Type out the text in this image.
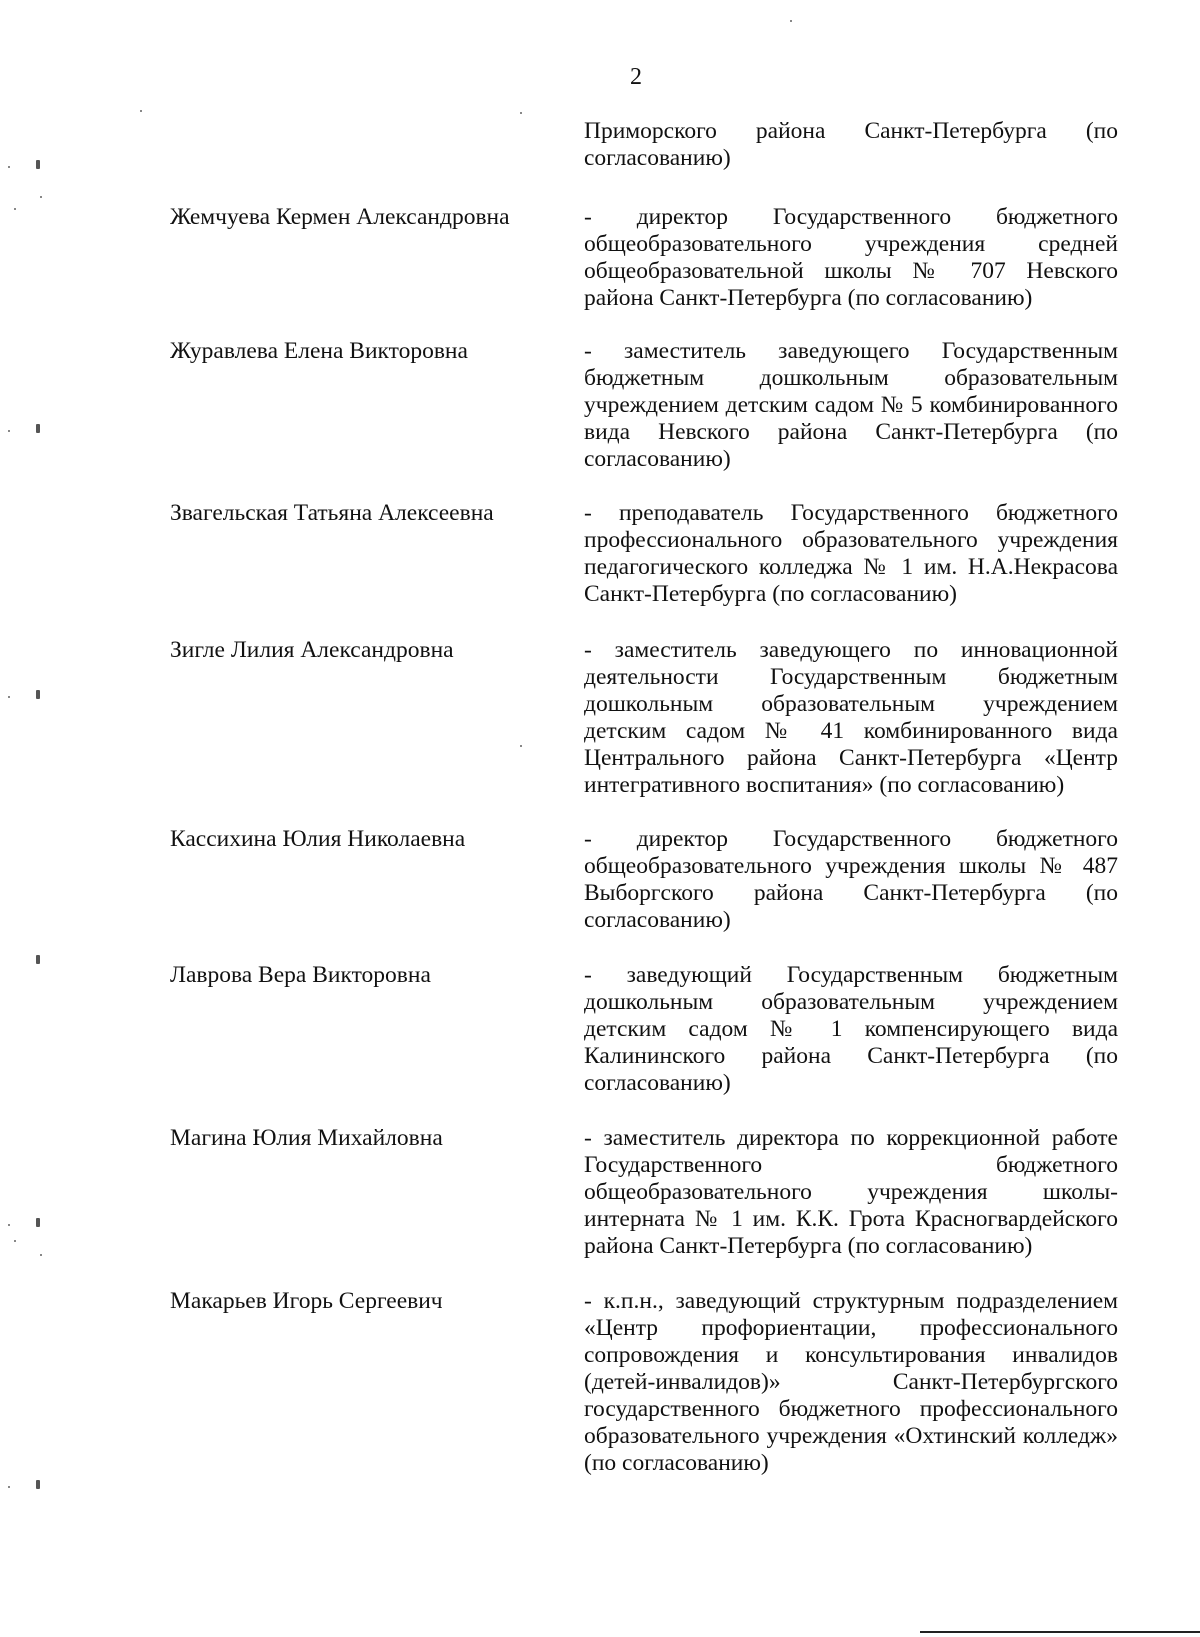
2
Приморского района Санкт-Петербурга (по согласованию)
Жемчуева Кермен Александровна	- директор Государственного бюджетного общеобразовательного учреждения средней общеобразовательной школы № 707 Невского района Санкт-Петербурга (по согласованию)
Журавлева Елена Викторовна	- заместитель заведующего Государственным бюджетным дошкольным образовательным учреждением детским садом № 5 комбинированного вида Невского района Санкт-Петербурга (по согласованию)
Звагельская Татьяна Алексеевна	- преподаватель Государственного бюджетного профессионального образовательного учреждения педагогического колледжа № 1 им. Н.А.Некрасова Санкт-Петербурга (по согласованию)
Зигле Лилия Александровна	- заместитель заведующего по инновационной деятельности Государственным бюджетным дошкольным образовательным учреждением детским садом № 41 комбинированного вида Центрального района Санкт-Петербурга «Центр интегративного воспитания» (по согласованию)
Кассихина Юлия Николаевна	- директор Государственного бюджетного общеобразовательного учреждения школы № 487 Выборгского района Санкт-Петербурга (по согласованию)
Лаврова Вера Викторовна	- заведующий Государственным бюджетным дошкольным образовательным учреждением детским садом № 1 компенсирующего вида Калининского района Санкт-Петербурга (по согласованию)
Магина Юлия Михайловна	- заместитель директора по коррекционной работе Государственного бюджетного общеобразовательного учреждения школы-интерната № 1 им. К.К. Грота Красногвардейского района Санкт-Петербурга (по согласованию)
Макарьев Игорь Сергеевич	- к.п.н., заведующий структурным подразделением «Центр профориентации, профессионального сопровождения и консультирования инвалидов (детей-инвалидов)» Санкт-Петербургского государственного бюджетного профессионального образовательного учреждения «Охтинский колледж» (по согласованию)
